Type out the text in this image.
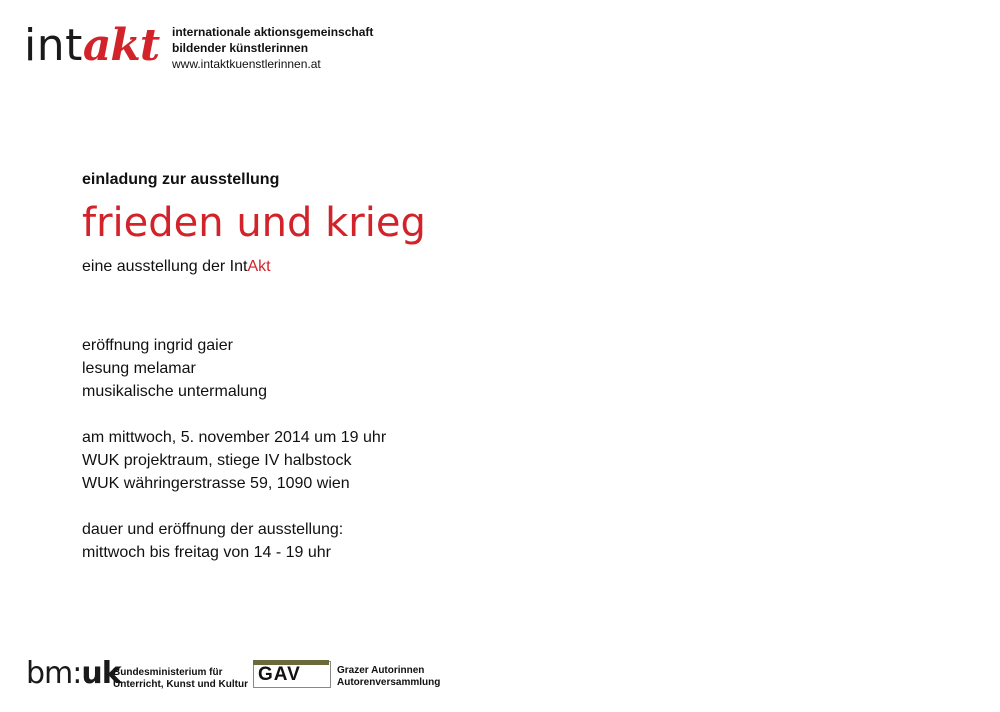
intakt internationale aktionsgemeinschaft
bildender künstlerinnen
www.intaktkuenstlerinnen.at
einladung zur ausstellung
frieden und krieg
eine ausstellung der IntAkt
eröffnung ingrid gaier
lesung melamar
musikalische untermalung
am mittwoch, 5. november 2014 um 19 uhr
WUK projektraum, stiege IV halbstock
WUK währingerstrasse 59, 1090 wien
dauer und eröffnung der ausstellung:
mittwoch bis freitag von 14 - 19 uhr
bm:uk
Bundesministerium für
Unterricht, Kunst und Kultur GAV	Grazer Autorinnen
Autorenversammlung
